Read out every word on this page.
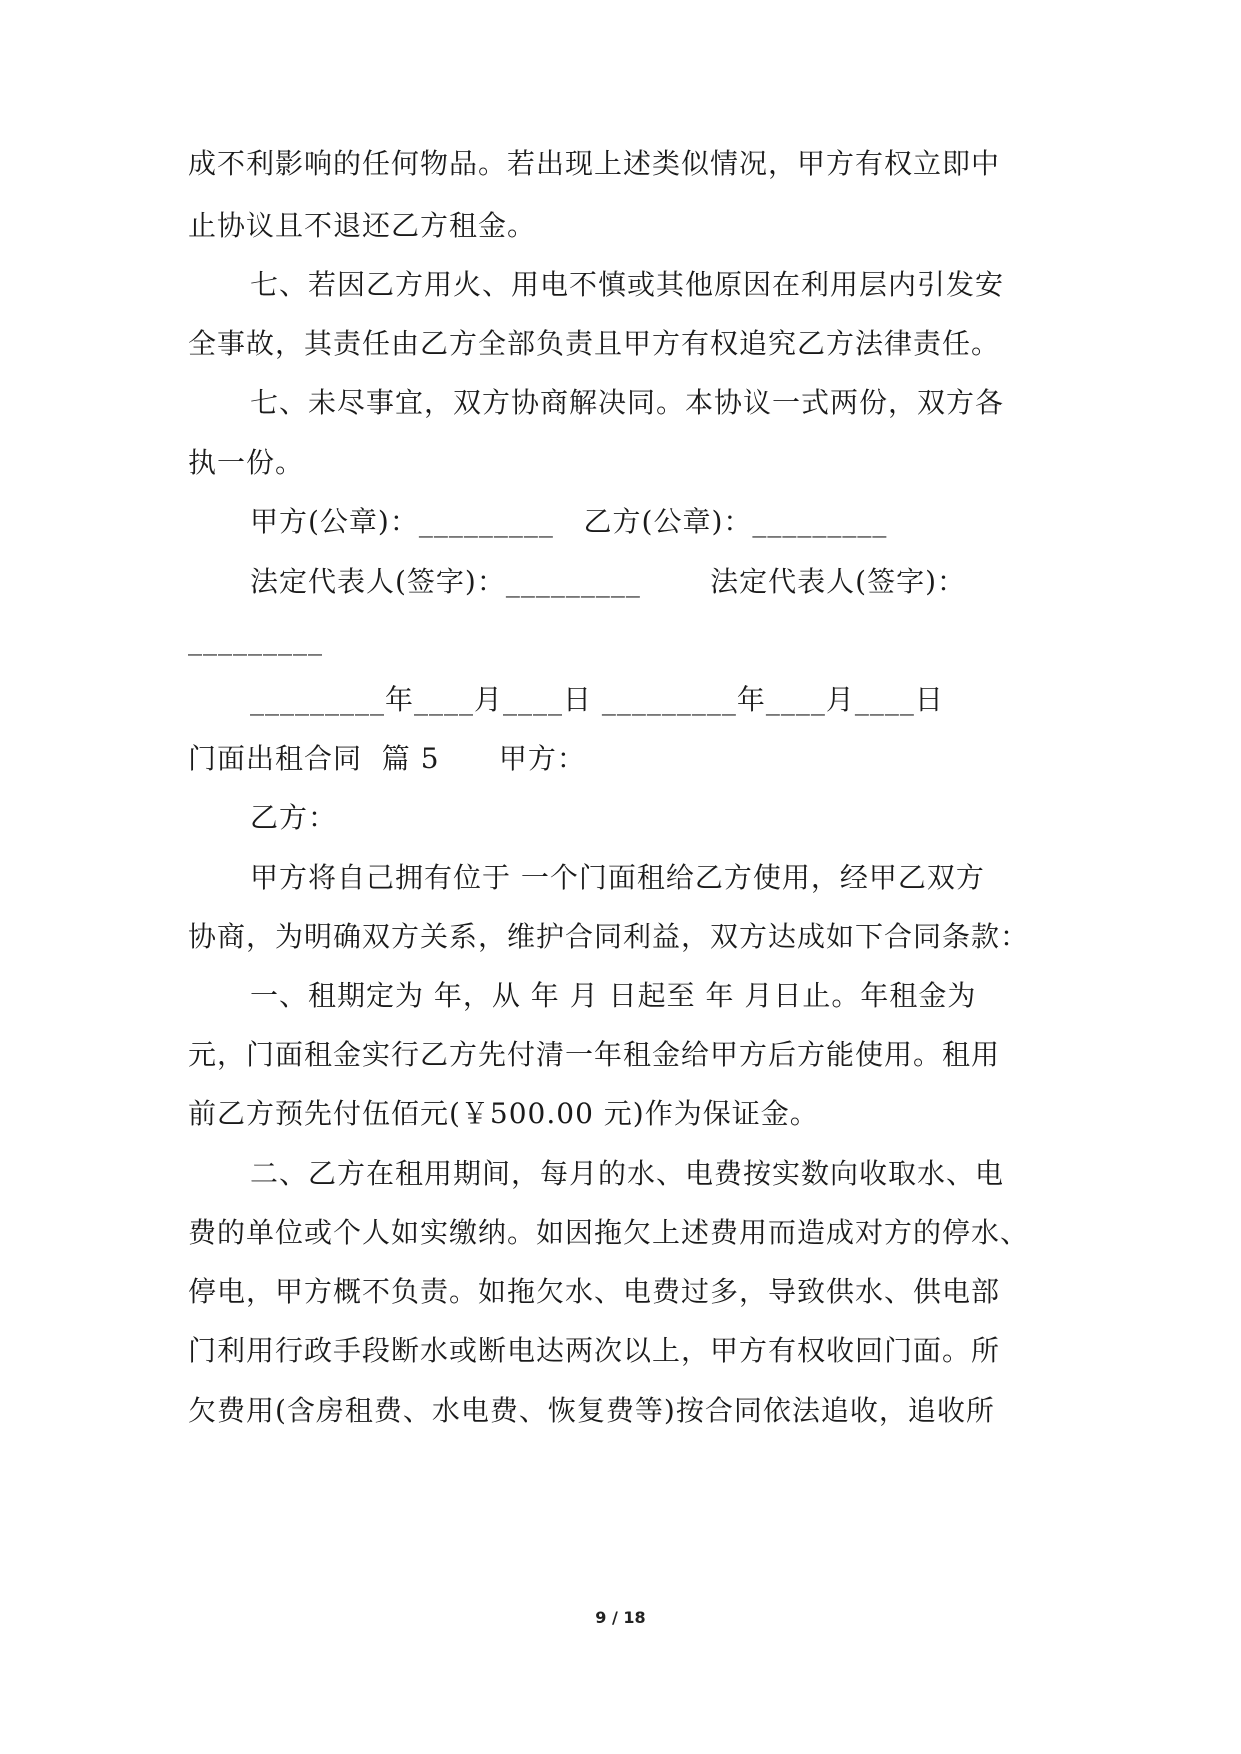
成不利影响的任何物品。若出现上述类似情况，甲方有权立即中
止协议且不退还乙方租金。
七、若因乙方用火、用电不慎或其他原因在利用层内引发安
全事故，其责任由乙方全部负责且甲方有权追究乙方法律责任。
七、未尽事宜，双方协商解决同。本协议一式两份，双方各
执一份。
甲方(公章)：_________   乙方(公章)：_________
法定代表人(签字)：_________       法定代表人(签字)：
_________
_________年____月____日 _________年____月____日
门面出租合同  篇 5      甲方：
乙方：
甲方将自己拥有位于 一个门面租给乙方使用，经甲乙双方
协商，为明确双方关系，维护合同利益，双方达成如下合同条款：
一、租期定为 年，从 年 月 日起至 年 月日止。年租金为
元，门面租金实行乙方先付清一年租金给甲方后方能使用。租用
前乙方预先付伍佰元(￥500.00 元)作为保证金。
二、乙方在租用期间，每月的水、电费按实数向收取水、电
费的单位或个人如实缴纳。如因拖欠上述费用而造成对方的停水、
停电，甲方概不负责。如拖欠水、电费过多，导致供水、供电部
门利用行政手段断水或断电达两次以上，甲方有权收回门面。所
欠费用(含房租费、水电费、恢复费等)按合同依法追收，追收所
9 / 18
